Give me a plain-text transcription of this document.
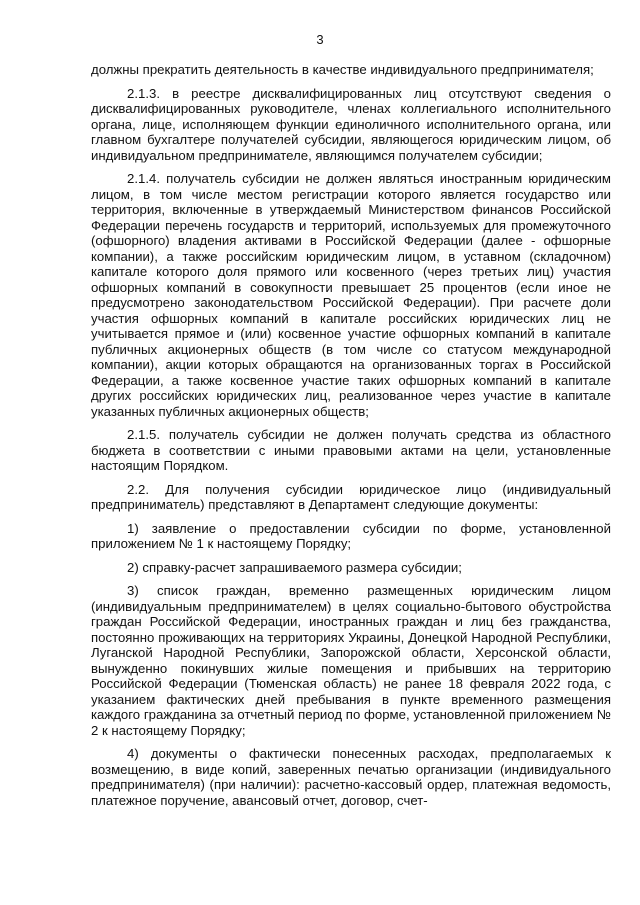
3

должны прекратить деятельность в качестве индивидуального предпринимателя;

2.1.3. в реестре дисквалифицированных лиц отсутствуют сведения о дисквалифицированных руководителе, членах коллегиального исполнительного органа, лице, исполняющем функции единоличного исполнительного органа, или главном бухгалтере получателей субсидии, являющегося юридическим лицом, об индивидуальном предпринимателе, являющимся получателем субсидии;

2.1.4. получатель субсидии не должен являться иностранным юридическим лицом, в том числе местом регистрации которого является государство или территория, включенные в утверждаемый Министерством финансов Российской Федерации перечень государств и территорий, используемых для промежуточного (офшорного) владения активами в Российской Федерации (далее - офшорные компании), а также российским юридическим лицом, в уставном (складочном) капитале которого доля прямого или косвенного (через третьих лиц) участия офшорных компаний в совокупности превышает 25 процентов (если иное не предусмотрено законодательством Российской Федерации). При расчете доли участия офшорных компаний в капитале российских юридических лиц не учитывается прямое и (или) косвенное участие офшорных компаний в капитале публичных акционерных обществ (в том числе со статусом международной компании), акции которых обращаются на организованных торгах в Российской Федерации, а также косвенное участие таких офшорных компаний в капитале других российских юридических лиц, реализованное через участие в капитале указанных публичных акционерных обществ;

2.1.5. получатель субсидии не должен получать средства из областного бюджета в соответствии с иными правовыми актами на цели, установленные настоящим Порядком.

2.2. Для получения субсидии юридическое лицо (индивидуальный предприниматель) представляют в Департамент следующие документы:

1) заявление о предоставлении субсидии по форме, установленной приложением № 1 к настоящему Порядку;

2) справку-расчет запрашиваемого размера субсидии;

3) список граждан, временно размещенных юридическим лицом (индивидуальным предпринимателем) в целях социально-бытового обустройства граждан Российской Федерации, иностранных граждан и лиц без гражданства, постоянно проживающих на территориях Украины, Донецкой Народной Республики, Луганской Народной Республики, Запорожской области, Херсонской области, вынужденно покинувших жилые помещения и прибывших на территорию Российской Федерации (Тюменская область) не ранее 18 февраля 2022 года, с указанием фактических дней пребывания в пункте временного размещения каждого гражданина за отчетный период по форме, установленной приложением № 2 к настоящему Порядку;

4) документы о фактически понесенных расходах, предполагаемых к возмещению, в виде копий, заверенных печатью организации (индивидуального предпринимателя) (при наличии): расчетно-кассовый ордер, платежная ведомость, платежное поручение, авансовый отчет, договор, счет-
